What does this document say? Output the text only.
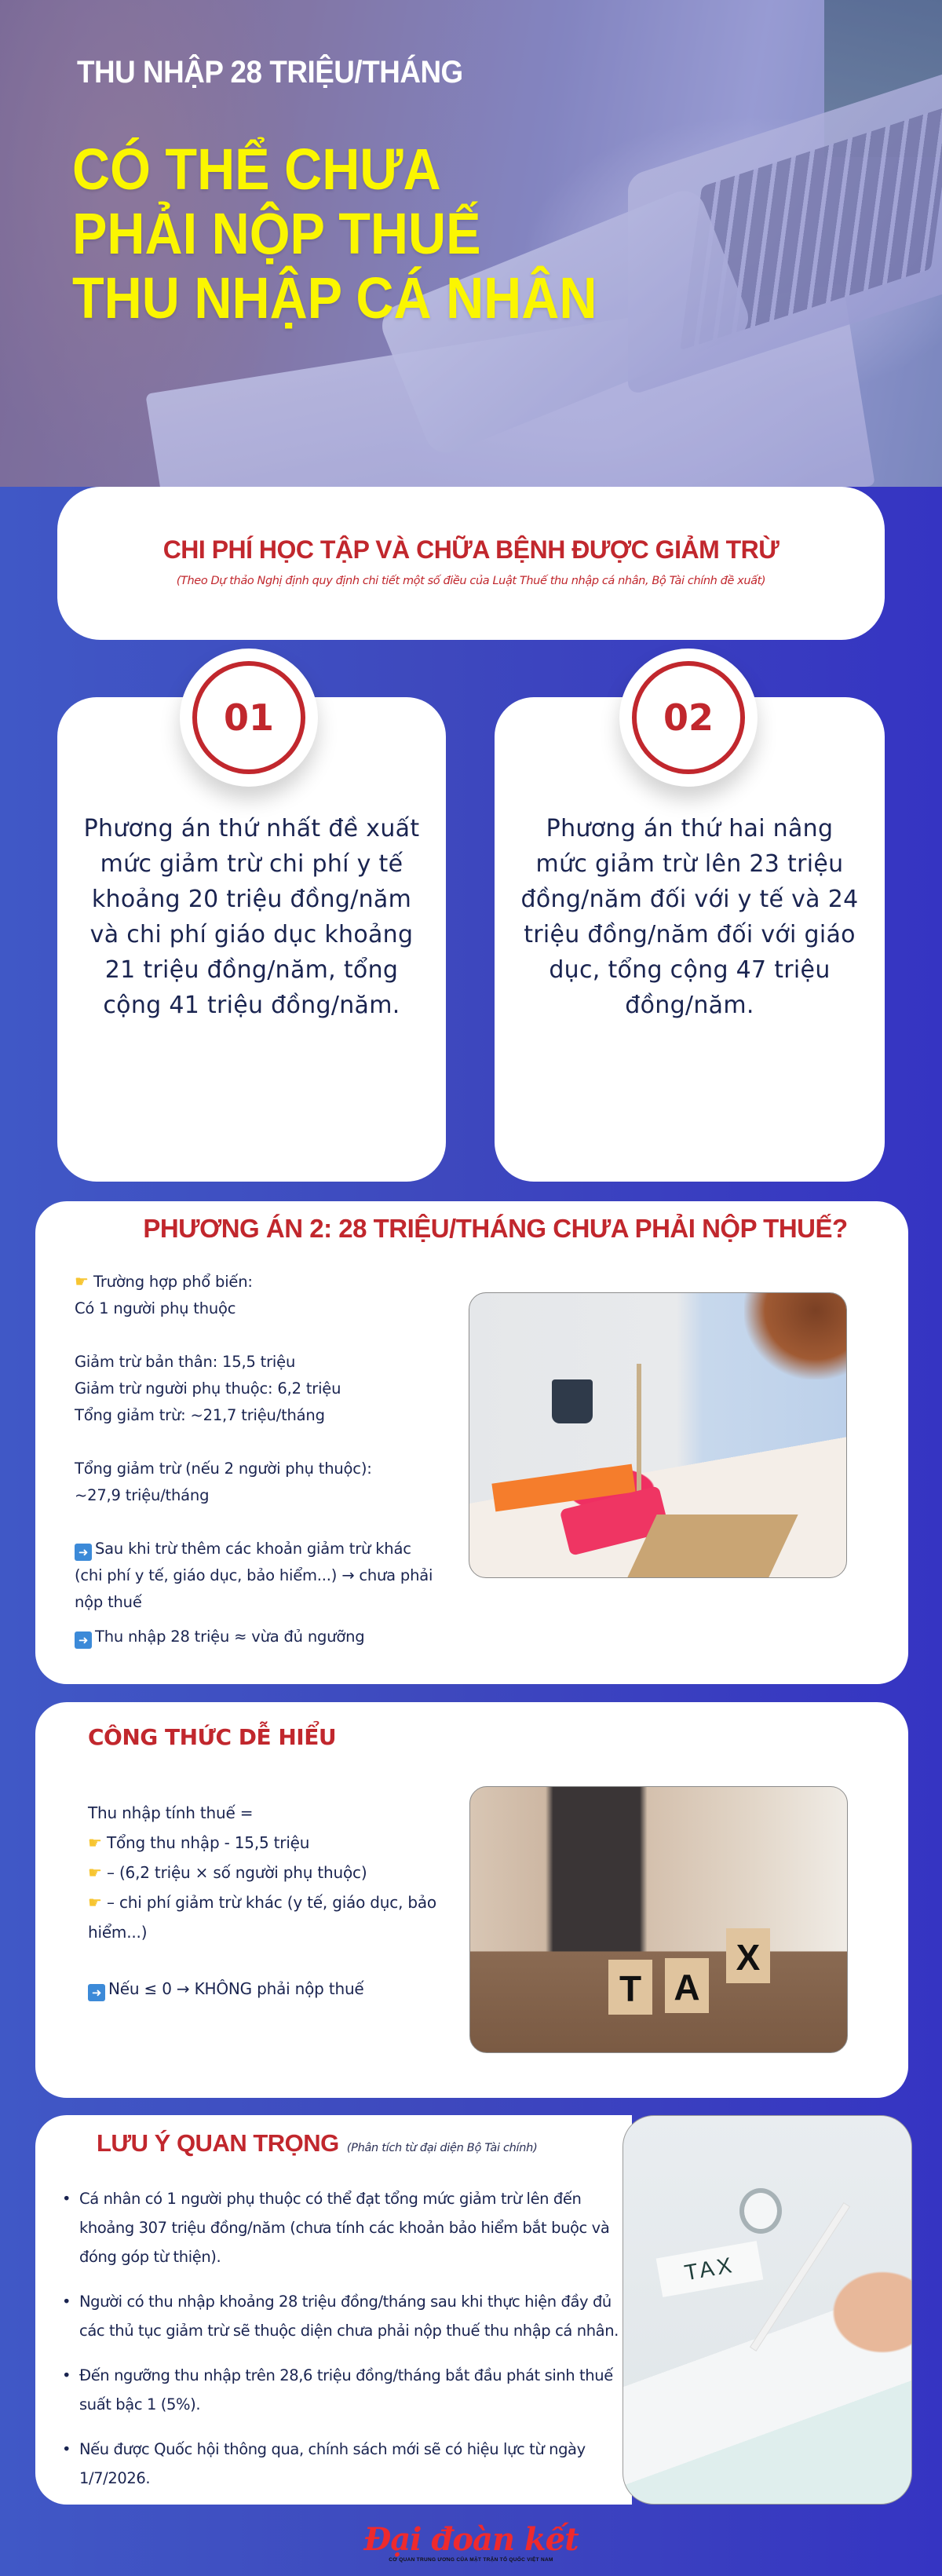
THU NHẬP 28 TRIỆU/THÁNG
CÓ THỂ CHƯA
PHẢI NỘP THUẾ
THU NHẬP CÁ NHÂN
CHI PHÍ HỌC TẬP VÀ CHỮA BỆNH ĐƯỢC GIẢM TRỪ
(Theo Dự thảo Nghị định quy định chi tiết một số điều của Luật Thuế thu nhập cá nhân, Bộ Tài chính đề xuất)
Phương án thứ nhất đề xuất mức giảm trừ chi phí y tế khoảng 20 triệu đồng/năm và chi phí giáo dục khoảng 21 triệu đồng/năm, tổng cộng 41 triệu đồng/năm.
Phương án thứ hai nâng mức giảm trừ lên 23 triệu đồng/năm đối với y tế và 24 triệu đồng/năm đối với giáo dục, tổng cộng 47 triệu đồng/năm.
01	02
PHƯƠNG ÁN 2: 28 TRIỆU/THÁNG CHƯA PHẢI NỘP THUẾ?
☛ Trường hợp phổ biến:
Có 1 người phụ thuộc
Giảm trừ bản thân: 15,5 triệu
Giảm trừ người phụ thuộc: 6,2 triệu
Tổng giảm trừ: ~21,7 triệu/tháng
Tổng giảm trừ (nếu 2 người phụ thuộc):
~27,9 triệu/tháng
➜ Sau khi trừ thêm các khoản giảm trừ khác (chi phí y tế, giáo dục, bảo hiểm...) → chưa phải nộp thuế
➜ Thu nhập 28 triệu ≈ vừa đủ ngưỡng
CÔNG THỨC DỄ HIỂU
Thu nhập tính thuế =
☛ Tổng thu nhập - 15,5 triệu
☛ – (6,2 triệu × số người phụ thuộc)
☛ – chi phí giảm trừ khác (y tế, giáo dục, bảo hiểm...)
➜ Nếu ≤ 0 → KHÔNG phải nộp thuế	T A
X
LƯU Ý QUAN TRỌNG (Phân tích từ đại diện Bộ Tài chính)
• Cá nhân có 1 người phụ thuộc có thể đạt tổng mức giảm trừ lên đến khoảng 307 triệu đồng/năm (chưa tính các khoản bảo hiểm bắt buộc và đóng góp từ thiện).
• Người có thu nhập khoảng 28 triệu đồng/tháng sau khi thực hiện đầy đủ các thủ tục giảm trừ sẽ thuộc diện chưa phải nộp thuế thu nhập cá nhân.
• Đến ngưỡng thu nhập trên 28,6 triệu đồng/tháng bắt đầu phát sinh thuế suất bậc 1 (5%).
• Nếu được Quốc hội thông qua, chính sách mới sẽ có hiệu lực từ ngày 1/7/2026.
TAX
Đại đoàn kết
CƠ QUAN TRUNG ƯƠNG CỦA MẶT TRẬN TỔ QUỐC VIỆT NAM
